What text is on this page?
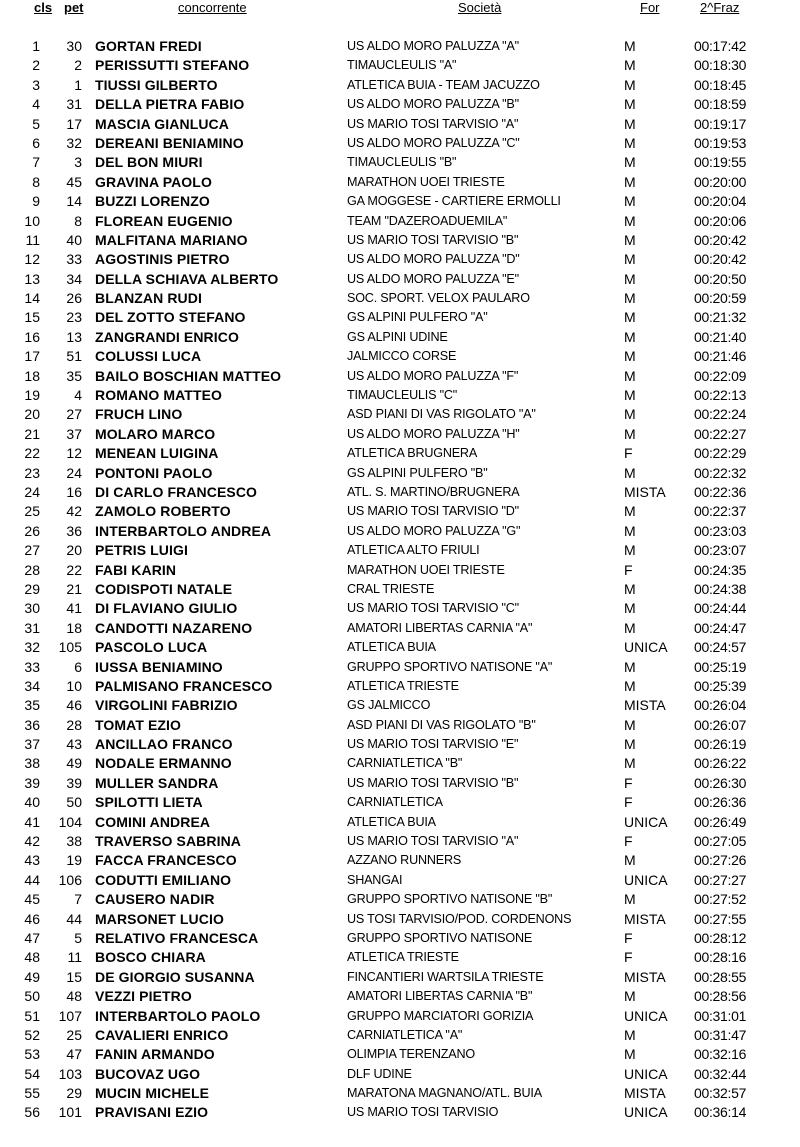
cls pet	concorrente	Società	For	2^Fraz
1	30 GORTAN FREDI	US ALDO MORO PALUZZA "A"	M	00:17:42
2	2 PERISSUTTI STEFANO	TIMAUCLEULIS "A"	M	00:18:30
3	1 TIUSSI GILBERTO	ATLETICA BUIA - TEAM JACUZZO	M	00:18:45
4	31 DELLA PIETRA FABIO	US ALDO MORO PALUZZA "B"	M	00:18:59
5	17 MASCIA GIANLUCA	US MARIO TOSI TARVISIO "A"	M	00:19:17
6	32 DEREANI BENIAMINO	US ALDO MORO PALUZZA "C"	M	00:19:53
7	3 DEL BON MIURI	TIMAUCLEULIS "B"	M	00:19:55
8	45 GRAVINA PAOLO	MARATHON UOEI TRIESTE	M	00:20:00
9	14 BUZZI LORENZO	GA MOGGESE - CARTIERE ERMOLLI	M	00:20:04
10	8 FLOREAN EUGENIO	TEAM "DAZEROADUEMILA"	M	00:20:06
11	40 MALFITANA MARIANO	US MARIO TOSI TARVISIO "B"	M	00:20:42
12	33 AGOSTINIS PIETRO	US ALDO MORO PALUZZA "D"	M	00:20:42
13	34 DELLA SCHIAVA ALBERTO	US ALDO MORO PALUZZA "E"	M	00:20:50
14	26 BLANZAN RUDI	SOC. SPORT. VELOX PAULARO	M	00:20:59
15	23 DEL ZOTTO STEFANO	GS ALPINI PULFERO "A"	M	00:21:32
16	13 ZANGRANDI ENRICO	GS ALPINI UDINE	M	00:21:40
17	51 COLUSSI LUCA	JALMICCO CORSE	M	00:21:46
18	35 BAILO BOSCHIAN MATTEO	US ALDO MORO PALUZZA "F"	M	00:22:09
19	4 ROMANO MATTEO	TIMAUCLEULIS "C"	M	00:22:13
20	27 FRUCH LINO	ASD PIANI DI VAS RIGOLATO "A"	M	00:22:24
21	37 MOLARO MARCO	US ALDO MORO PALUZZA "H"	M	00:22:27
22	12 MENEAN LUIGINA	ATLETICA BRUGNERA	F	00:22:29
23	24 PONTONI PAOLO	GS ALPINI PULFERO "B"	M	00:22:32
24	16 DI CARLO FRANCESCO	ATL. S. MARTINO/BRUGNERA	MISTA 00:22:36
25	42 ZAMOLO ROBERTO	US MARIO TOSI TARVISIO "D"	M	00:22:37
26	36 INTERBARTOLO ANDREA	US ALDO MORO PALUZZA "G"	M	00:23:03
27	20 PETRIS LUIGI	ATLETICA ALTO FRIULI	M	00:23:07
28	22 FABI KARIN	MARATHON UOEI TRIESTE	F	00:24:35
29	21 CODISPOTI NATALE	CRAL TRIESTE	M	00:24:38
30	41 DI FLAVIANO GIULIO	US MARIO TOSI TARVISIO "C"	M	00:24:44
31	18 CANDOTTI NAZARENO	AMATORI LIBERTAS CARNIA "A"	M	00:24:47
32	105 PASCOLO LUCA	ATLETICA BUIA	UNICA 00:24:57
33	6 IUSSA BENIAMINO	GRUPPO SPORTIVO NATISONE "A"	M	00:25:19
34	10 PALMISANO FRANCESCO	ATLETICA TRIESTE	M	00:25:39
35	46 VIRGOLINI FABRIZIO	GS JALMICCO	MISTA 00:26:04
36	28 TOMAT EZIO	ASD PIANI DI VAS RIGOLATO "B"	M	00:26:07
37	43 ANCILLAO FRANCO	US MARIO TOSI TARVISIO "E"	M	00:26:19
38	49 NODALE ERMANNO	CARNIATLETICA "B"	M	00:26:22
39	39 MULLER SANDRA	US MARIO TOSI TARVISIO "B"	F	00:26:30
40	50 SPILOTTI LIETA	CARNIATLETICA	F	00:26:36
41	104 COMINI ANDREA	ATLETICA BUIA	UNICA 00:26:49
42	38 TRAVERSO SABRINA	US MARIO TOSI TARVISIO "A"	F	00:27:05
43	19 FACCA FRANCESCO	AZZANO RUNNERS	M	00:27:26
44	106 CODUTTI EMILIANO	SHANGAI	UNICA 00:27:27
45	7 CAUSERO NADIR	GRUPPO SPORTIVO NATISONE "B"	M	00:27:52
46	44 MARSONET LUCIO	US TOSI TARVISIO/POD. CORDENONS	MISTA 00:27:55
47	5 RELATIVO FRANCESCA	GRUPPO SPORTIVO NATISONE	F	00:28:12
48	11 BOSCO CHIARA	ATLETICA TRIESTE	F	00:28:16
49	15 DE GIORGIO SUSANNA	FINCANTIERI WARTSILA TRIESTE	MISTA 00:28:55
50	48 VEZZI PIETRO	AMATORI LIBERTAS CARNIA "B"	M	00:28:56
51	107 INTERBARTOLO PAOLO	GRUPPO MARCIATORI GORIZIA	UNICA 00:31:01
52	25 CAVALIERI ENRICO	CARNIATLETICA "A"	M	00:31:47
53	47 FANIN ARMANDO	OLIMPIA TERENZANO	M	00:32:16
54	103 BUCOVAZ UGO	DLF UDINE	UNICA 00:32:44
55	29 MUCIN MICHELE	MARATONA MAGNANO/ATL. BUIA	MISTA 00:32:57
56	101 PRAVISANI EZIO	US MARIO TOSI TARVISIO	UNICA 00:36:14
